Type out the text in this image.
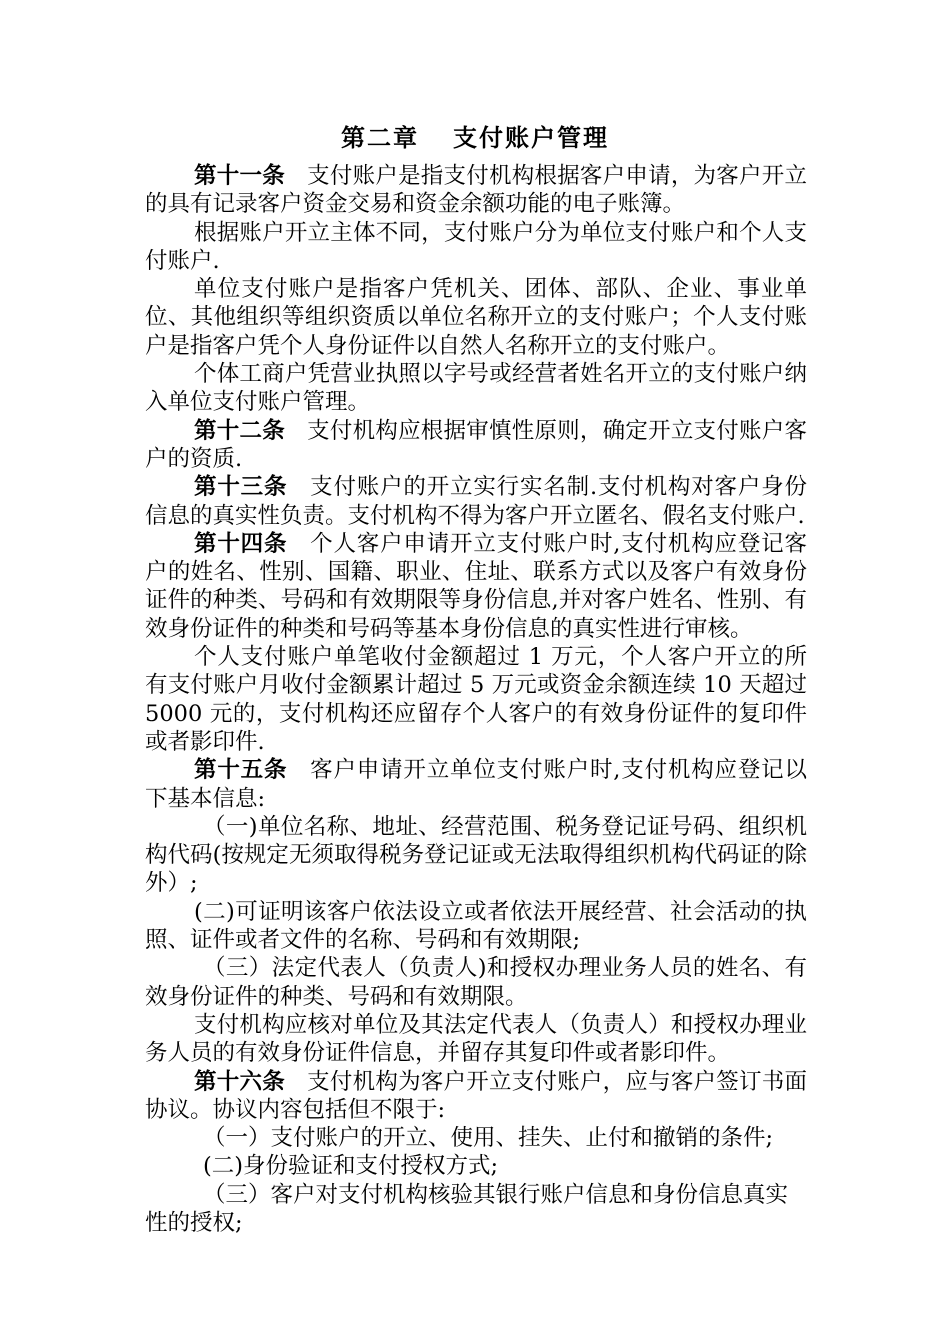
第二章 支付账户管理

第十一条 支付账户是指支付机构根据客户申请，为客户开立的具有记录客户资金交易和资金余额功能的电子账簿。

根据账户开立主体不同，支付账户分为单位支付账户和个人支付账户.

单位支付账户是指客户凭机关、团体、部队、企业、事业单位、其他组织等组织资质以单位名称开立的支付账户；个人支付账户是指客户凭个人身份证件以自然人名称开立的支付账户。

个体工商户凭营业执照以字号或经营者姓名开立的支付账户纳入单位支付账户管理。

第十二条 支付机构应根据审慎性原则，确定开立支付账户客户的资质.

第十三条 支付账户的开立实行实名制.支付机构对客户身份信息的真实性负责。支付机构不得为客户开立匿名、假名支付账户.

第十四条 个人客户申请开立支付账户时,支付机构应登记客户的姓名、性别、国籍、职业、住址、联系方式以及客户有效身份证件的种类、号码和有效期限等身份信息,并对客户姓名、性别、有效身份证件的种类和号码等基本身份信息的真实性进行审核。

个人支付账户单笔收付金额超过 1 万元，个人客户开立的所有支付账户月收付金额累计超过 5 万元或资金余额连续 10 天超过 5000 元的，支付机构还应留存个人客户的有效身份证件的复印件或者影印件.

第十五条 客户申请开立单位支付账户时,支付机构应登记以下基本信息:

（一)单位名称、地址、经营范围、税务登记证号码、组织机构代码(按规定无须取得税务登记证或无法取得组织机构代码证的除外）;

(二)可证明该客户依法设立或者依法开展经营、社会活动的执照、证件或者文件的名称、号码和有效期限;

（三）法定代表人（负责人)和授权办理业务人员的姓名、有效身份证件的种类、号码和有效期限。

支付机构应核对单位及其法定代表人（负责人）和授权办理业务人员的有效身份证件信息，并留存其复印件或者影印件。

第十六条 支付机构为客户开立支付账户，应与客户签订书面协议。协议内容包括但不限于:

（一）支付账户的开立、使用、挂失、止付和撤销的条件;

(二)身份验证和支付授权方式;

（三）客户对支付机构核验其银行账户信息和身份信息真实

性的授权;
